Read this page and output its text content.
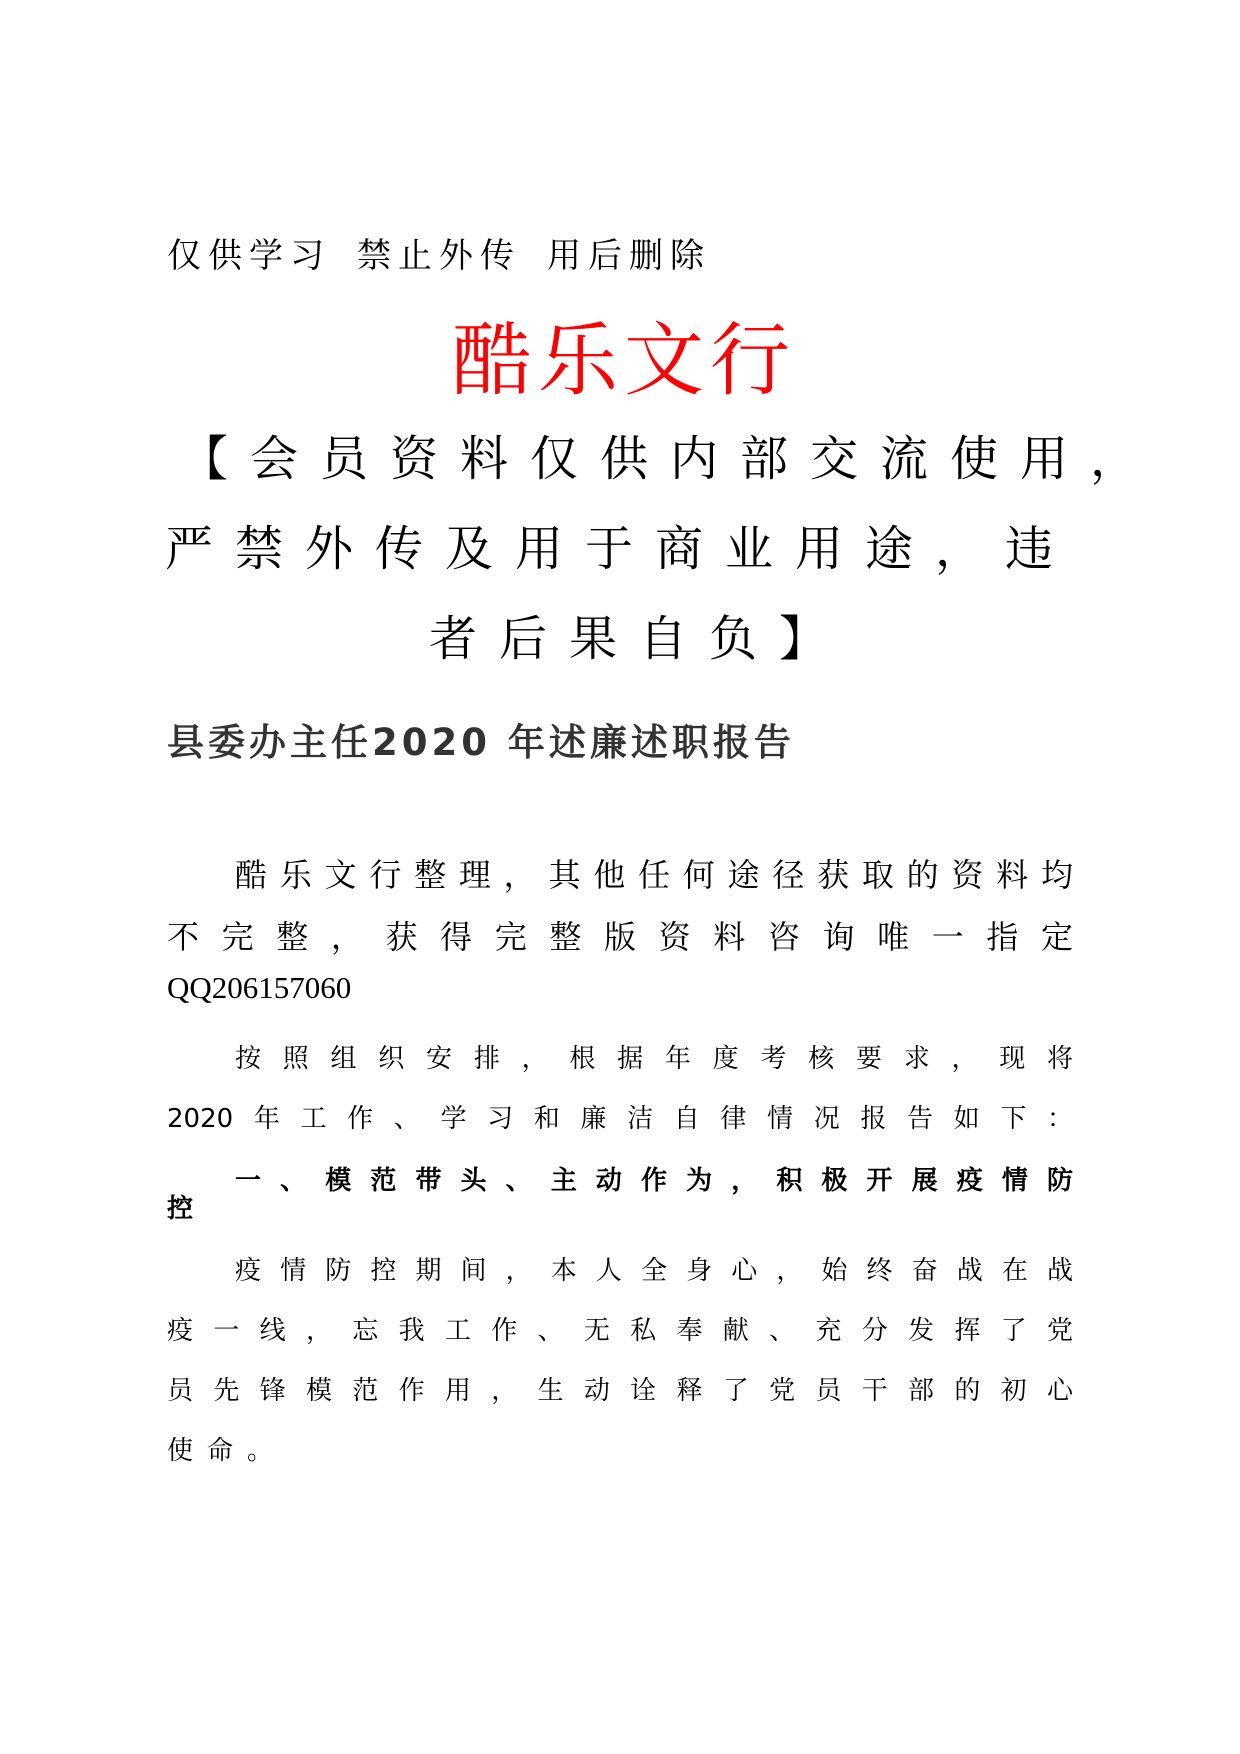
仅供学习 禁止外传 用后删除
酷乐文行
【会员资料仅供内部交流使用，
严禁外传及用于商业用途，违
者后果自负】
县委办主任2020 年述廉述职报告
酷乐文行整理，其他任何途径获取的资料均
不完整，获得完整版资料咨询唯一指定
QQ206157060
按照组织安排，根据年度考核要求，现将
2020年工作、学习和廉洁自律情况报告如下：
一、模范带头、主动作为，积极开展疫情防
控
疫情防控期间，本人全身心，始终奋战在战
疫一线，忘我工作、无私奉献、充分发挥了党
员先锋模范作用，生动诠释了党员干部的初心
使命。
